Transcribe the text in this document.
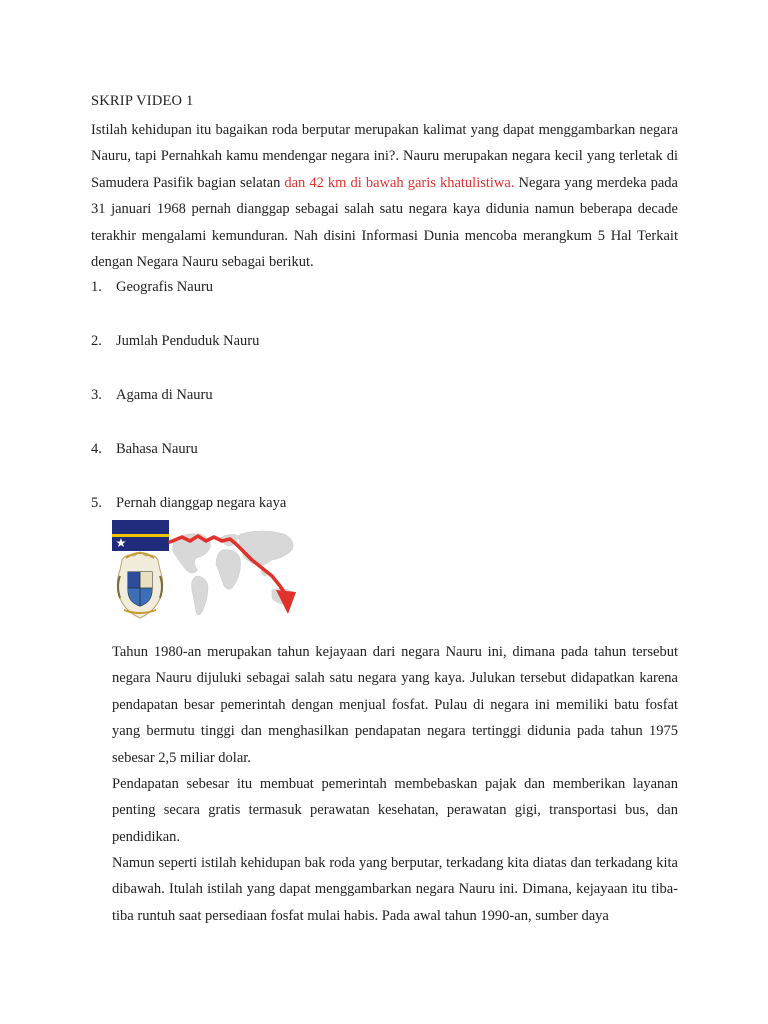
SKRIP VIDEO 1
Istilah kehidupan itu bagaikan roda berputar merupakan kalimat yang dapat menggambarkan negara Nauru, tapi Pernahkah kamu mendengar negara ini?. Nauru merupakan negara kecil yang terletak di Samudera Pasifik bagian selatan dan 42 km di bawah garis khatulistiwa. Negara yang merdeka pada 31 januari 1968 pernah dianggap sebagai salah satu negara kaya didunia namun beberapa decade terakhir mengalami kemunduran. Nah disini Informasi Dunia mencoba merangkum 5 Hal Terkait dengan Negara Nauru sebagai berikut.
1. Geografis Nauru
2. Jumlah Penduduk Nauru
3. Agama di Nauru
4. Bahasa Nauru
5. Pernah dianggap negara kaya

Tahun 1980-an merupakan tahun kejayaan dari negara Nauru ini, dimana pada tahun tersebut negara Nauru dijuluki sebagai salah satu negara yang kaya. Julukan tersebut didapatkan karena pendapatan besar pemerintah dengan menjual fosfat. Pulau di negara ini memiliki batu fosfat yang bermutu tinggi dan menghasilkan pendapatan negara tertinggi didunia pada tahun 1975 sebesar 2,5 miliar dolar.

Pendapatan sebesar itu membuat pemerintah membebaskan pajak dan memberikan layanan penting secara gratis termasuk perawatan kesehatan, perawatan gigi, transportasi bus, dan pendidikan.

Namun seperti istilah kehidupan bak roda yang berputar, terkadang kita diatas dan terkadang kita dibawah. Itulah istilah yang dapat menggambarkan negara Nauru ini. Dimana, kejayaan itu tiba-tiba runtuh saat persediaan fosfat mulai habis. Pada awal tahun 1990-an, sumber daya
